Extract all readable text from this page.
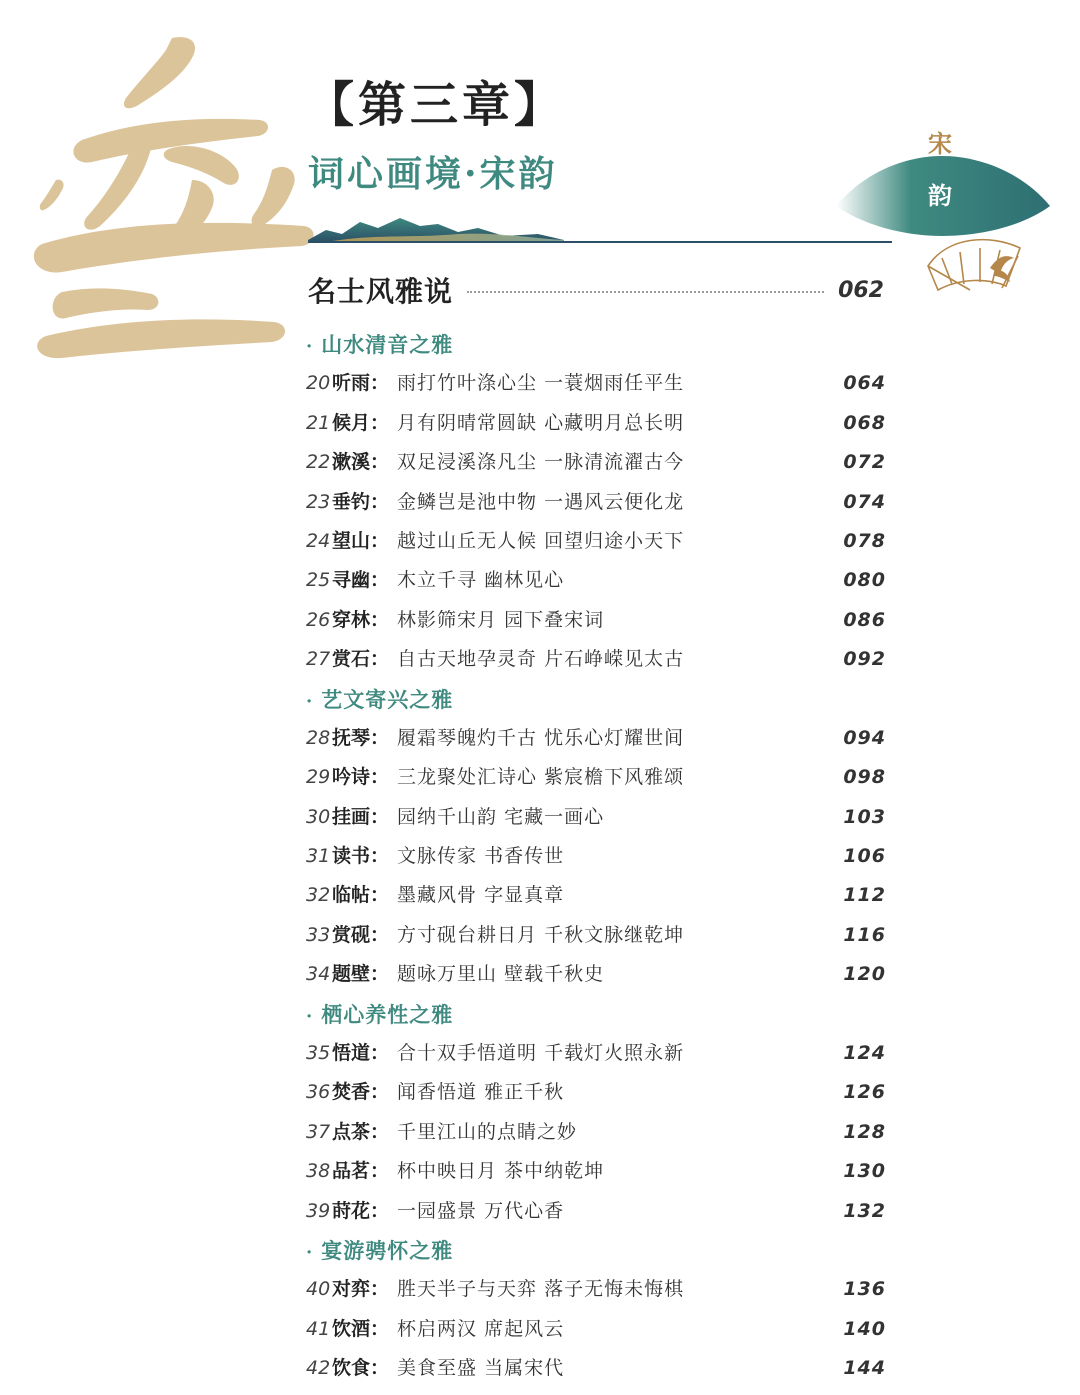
【第三章】
词心画境·宋韵
宋
韵
名士风雅说	062
· 山水清音之雅
20听雨： 雨打竹叶涤心尘 一蓑烟雨任平生	064
21候月： 月有阴晴常圆缺 心藏明月总长明	068
22漱溪： 双足浸溪涤凡尘 一脉清流濯古今	072
23垂钓： 金鳞岂是池中物 一遇风云便化龙	074
24望山： 越过山丘无人候 回望归途小天下	078
25寻幽： 木立千寻 幽林见心	080
26穿林： 林影筛宋月 园下叠宋词	086
27赏石： 自古天地孕灵奇 片石峥嵘见太古	092
· 艺文寄兴之雅
28抚琴： 履霜琴魄灼千古 忧乐心灯耀世间	094
29吟诗： 三龙聚处汇诗心 紫宸檐下风雅颂	098
30挂画： 园纳千山韵 宅藏一画心	103
31读书： 文脉传家 书香传世	106
32临帖： 墨藏风骨 字显真章	112
33赏砚： 方寸砚台耕日月 千秋文脉继乾坤	116
34题壁： 题咏万里山 壁载千秋史	120
· 栖心养性之雅
35悟道： 合十双手悟道明 千载灯火照永新	124
36焚香： 闻香悟道 雅正千秋	126
37点茶： 千里江山的点睛之妙	128
38品茗： 杯中映日月 茶中纳乾坤	130
39莳花： 一园盛景 万代心香	132
· 宴游骋怀之雅
40对弈： 胜天半子与天弈 落子无悔未悔棋	136
41饮酒： 杯启两汉 席起风云	140
42饮食： 美食至盛 当属宋代	144
